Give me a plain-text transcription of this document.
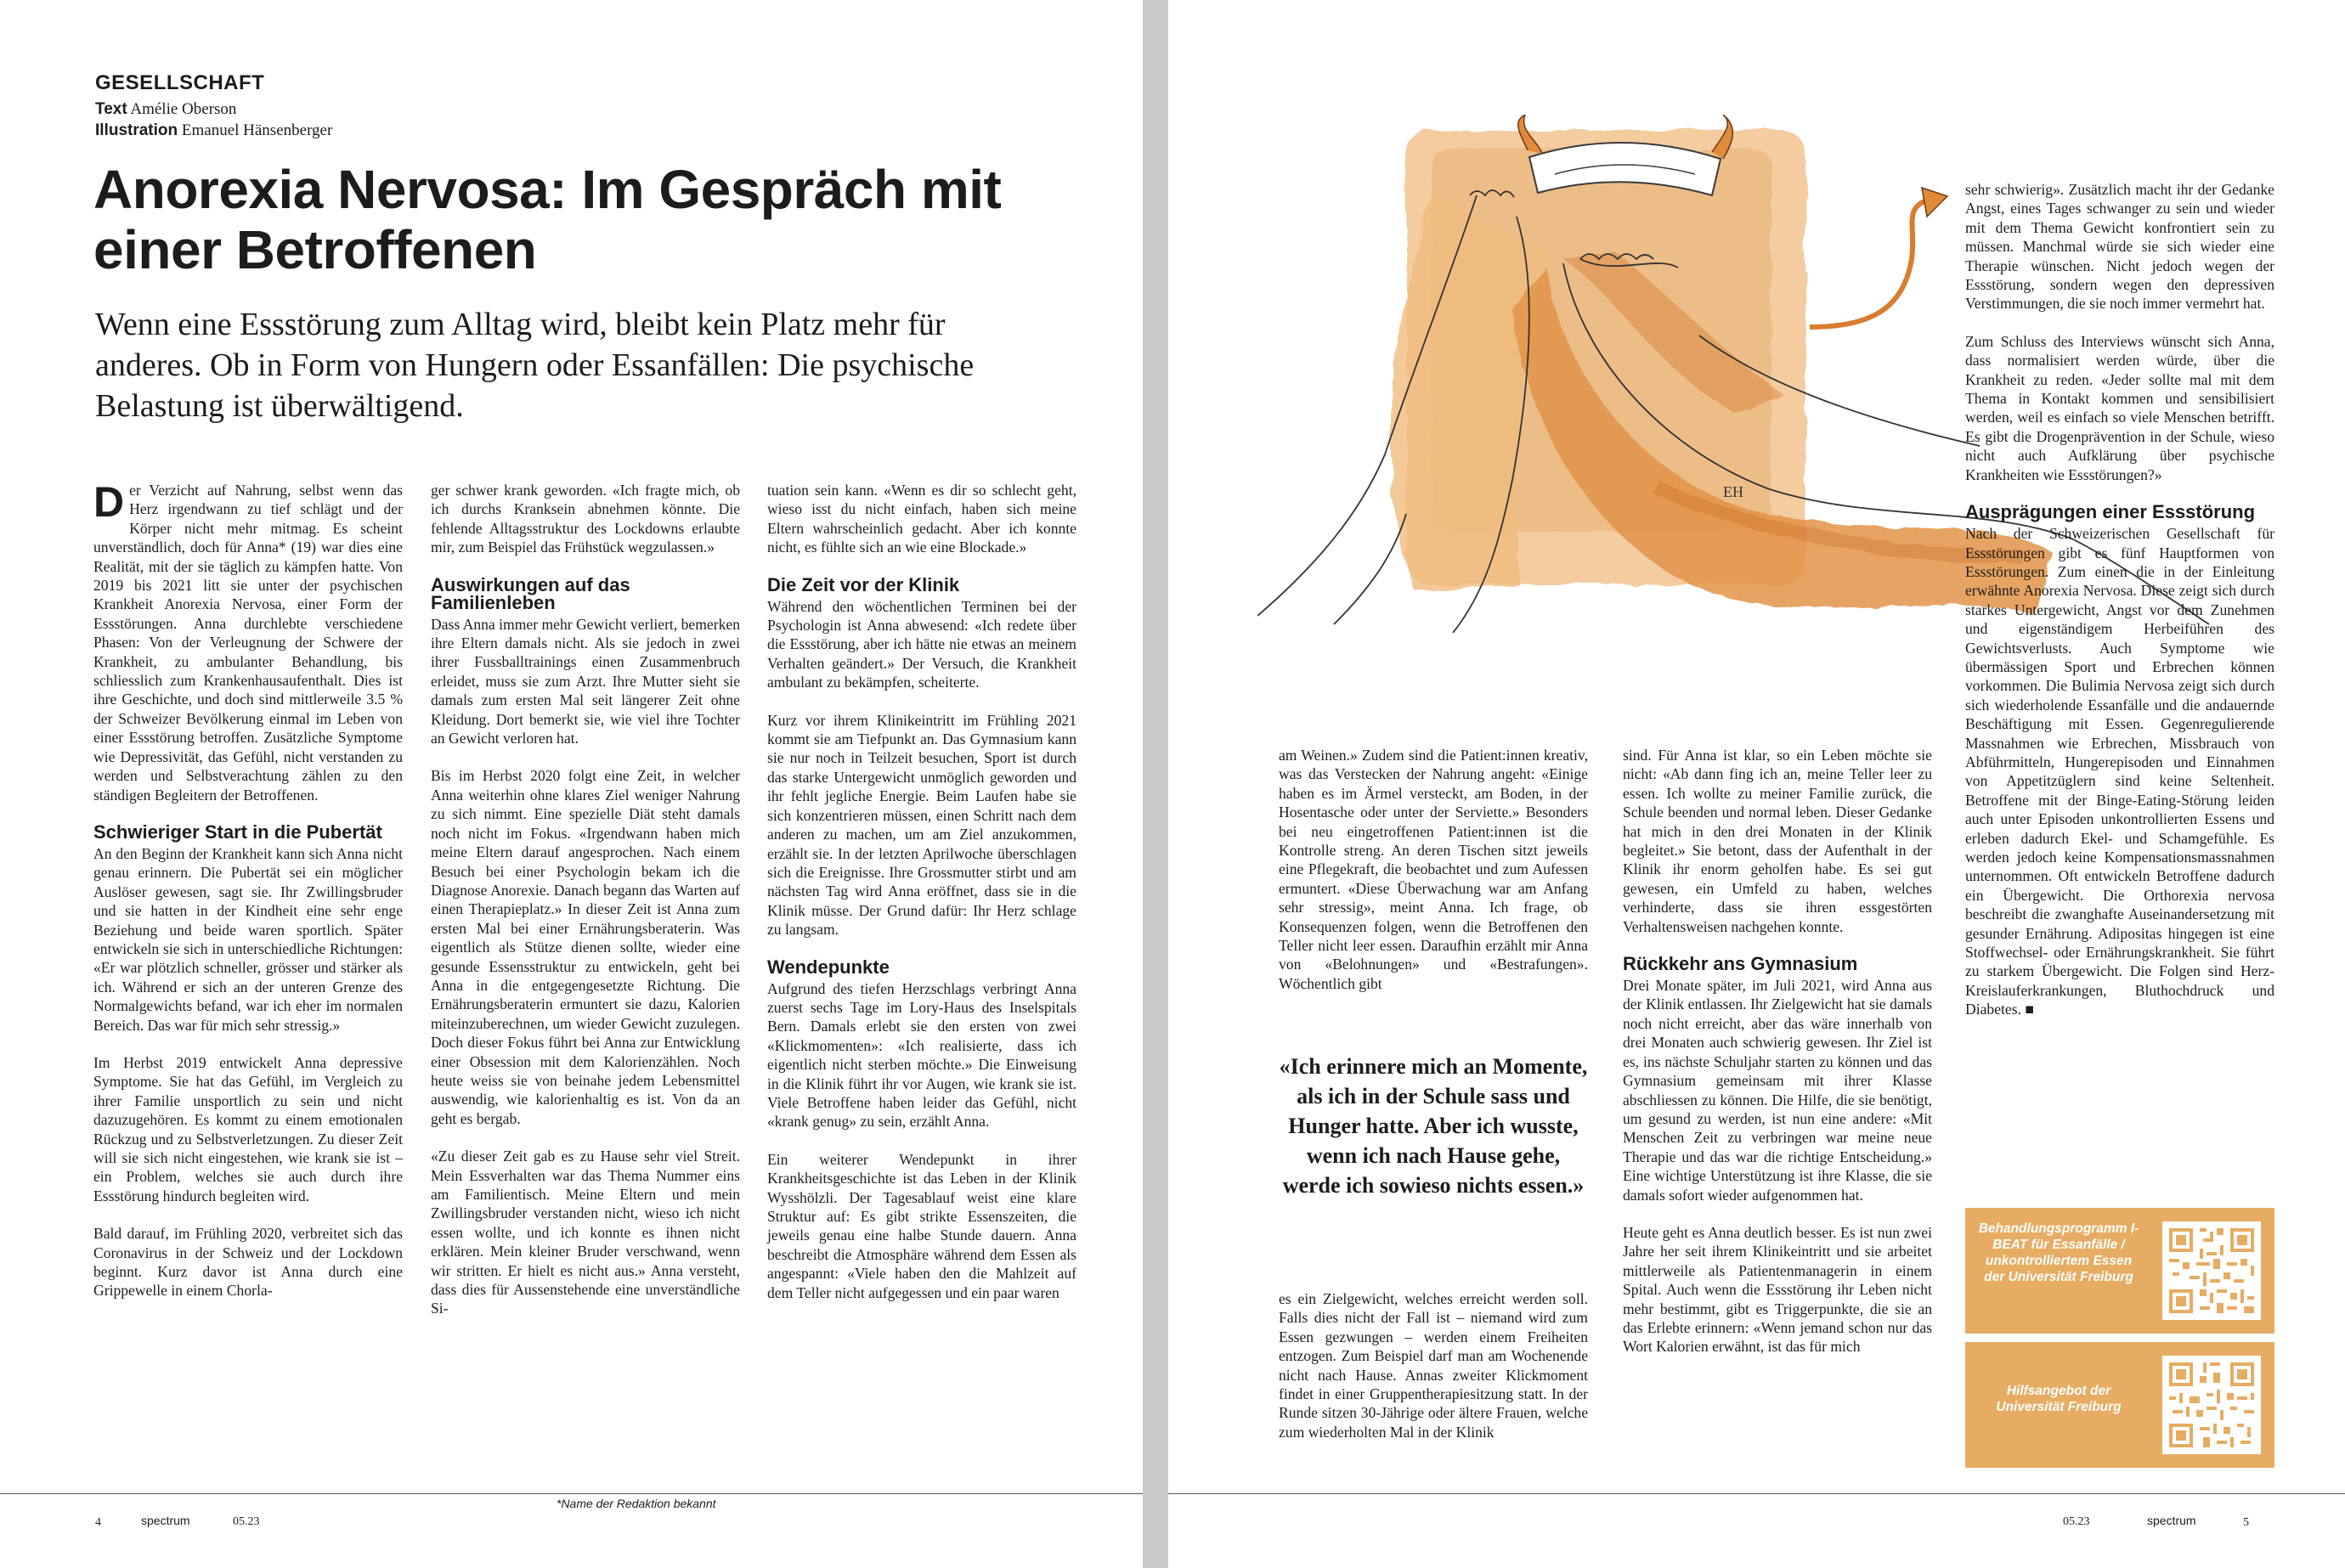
GESELLSCHAFT
Text Amélie Oberson
Illustration Emanuel Hänsenberger
Anorexia Nervosa: Im Gespräch mit
einer Betroffenen
Wenn eine Essstörung zum Alltag wird, bleibt kein Platz mehr für
anderes. Ob in Form von Hungern oder Essanfällen: Die psychische
Belastung ist überwältigend.

Der Verzicht auf Nahrung, selbst wenn das Herz irgendwann zu tief schlägt und der Körper nicht mehr mitmag. Es scheint unverständlich, doch für Anna* (19) war dies eine Realität, mit der sie täglich zu kämpfen hatte. Von 2019 bis 2021 litt sie unter der psychischen Krankheit Anorexia Nervosa, einer Form der Essstörungen. Anna durchlebte verschiedene Phasen: Von der Verleugnung der Schwere der Krankheit, zu ambulanter Behandlung, bis schliesslich zum Krankenhausaufenthalt. Dies ist ihre Geschichte, und doch sind mittlerweile 3.5 % der Schweizer Bevölkerung einmal im Leben von einer Essstörung betroffen. Zusätzliche Symptome wie Depressivität, das Gefühl, nicht verstanden zu werden und Selbstverachtung zählen zu den ständigen Begleitern der Betroffenen.

Schwieriger Start in die Pubertät

An den Beginn der Krankheit kann sich Anna nicht genau erinnern. Die Pubertät sei ein möglicher Auslöser gewesen, sagt sie. Ihr Zwillingsbruder und sie hatten in der Kindheit eine sehr enge Beziehung und beide waren sportlich. Später entwickeln sie sich in unterschiedliche Richtungen: «Er war plötzlich schneller, grösser und stärker als ich. Während er sich an der unteren Grenze des Normalgewichts befand, war ich eher im normalen Bereich. Das war für mich sehr stressig.»

Im Herbst 2019 entwickelt Anna depressive Symptome. Sie hat das Gefühl, im Vergleich zu ihrer Familie unsportlich zu sein und nicht dazuzugehören. Es kommt zu einem emotionalen Rückzug und zu Selbstverletzungen. Zu dieser Zeit will sie sich nicht eingestehen, wie krank sie ist – ein Problem, welches sie auch durch ihre Essstörung hindurch begleiten wird.

Bald darauf, im Frühling 2020, verbreitet sich das Coronavirus in der Schweiz und der Lockdown beginnt. Kurz davor ist Anna durch eine Grippewelle in einem Chorla-

ger schwer krank geworden. «Ich fragte mich, ob ich durchs Kranksein abnehmen könnte. Die fehlende Alltagsstruktur des Lockdowns erlaubte mir, zum Beispiel das Frühstück wegzulassen.»

Auswirkungen auf das Familienleben

Dass Anna immer mehr Gewicht verliert, bemerken ihre Eltern damals nicht. Als sie jedoch in zwei ihrer Fussballtrainings einen Zusammenbruch erleidet, muss sie zum Arzt. Ihre Mutter sieht sie damals zum ersten Mal seit längerer Zeit ohne Kleidung. Dort bemerkt sie, wie viel ihre Tochter an Gewicht verloren hat.

Bis im Herbst 2020 folgt eine Zeit, in welcher Anna weiterhin ohne klares Ziel weniger Nahrung zu sich nimmt. Eine spezielle Diät steht damals noch nicht im Fokus. «Irgendwann haben mich meine Eltern darauf angesprochen. Nach einem Besuch bei einer Psychologin bekam ich die Diagnose Anorexie. Danach begann das Warten auf einen Therapieplatz.» In dieser Zeit ist Anna zum ersten Mal bei einer Ernährungsberaterin. Was eigentlich als Stütze dienen sollte, wieder eine gesunde Essensstruktur zu entwickeln, geht bei Anna in die entgegengesetzte Richtung. Die Ernährungsberaterin ermuntert sie dazu, Kalorien miteinzuberechnen, um wieder Gewicht zuzulegen. Doch dieser Fokus führt bei Anna zur Entwicklung einer Obsession mit dem Kalorienzählen. Noch heute weiss sie von beinahe jedem Lebensmittel auswendig, wie kalorienhaltig es ist. Von da an geht es bergab.

«Zu dieser Zeit gab es zu Hause sehr viel Streit. Mein Essverhalten war das Thema Nummer eins am Familientisch. Meine Eltern und mein Zwillingsbruder verstanden nicht, wieso ich nicht essen wollte, und ich konnte es ihnen nicht erklären. Mein kleiner Bruder verschwand, wenn wir stritten. Er hielt es nicht aus.» Anna versteht, dass dies für Aussenstehende eine unverständliche Si-

tuation sein kann. «Wenn es dir so schlecht geht, wieso isst du nicht einfach, haben sich meine Eltern wahrscheinlich gedacht. Aber ich konnte nicht, es fühlte sich an wie eine Blockade.»

Die Zeit vor der Klinik

Während den wöchentlichen Terminen bei der Psychologin ist Anna abwesend: «Ich redete über die Essstörung, aber ich hätte nie etwas an meinem Verhalten geändert.» Der Versuch, die Krankheit ambulant zu bekämpfen, scheiterte.

Kurz vor ihrem Klinikeintritt im Frühling 2021 kommt sie am Tiefpunkt an. Das Gymnasium kann sie nur noch in Teilzeit besuchen, Sport ist durch das starke Untergewicht unmöglich geworden und ihr fehlt jegliche Energie. Beim Laufen habe sie sich konzentrieren müssen, einen Schritt nach dem anderen zu machen, um am Ziel anzukommen, erzählt sie. In der letzten Aprilwoche überschlagen sich die Ereignisse. Ihre Grossmutter stirbt und am nächsten Tag wird Anna eröffnet, dass sie in die Klinik müsse. Der Grund dafür: Ihr Herz schlage zu langsam.

Wendepunkte

Aufgrund des tiefen Herzschlags verbringt Anna zuerst sechs Tage im Lory-Haus des Inselspitals Bern. Damals erlebt sie den ersten von zwei «Klickmomenten»: «Ich realisierte, dass ich eigentlich nicht sterben möchte.» Die Einweisung in die Klinik führt ihr vor Augen, wie krank sie ist. Viele Betroffene haben leider das Gefühl, nicht «krank genug» zu sein, erzählt Anna.

Ein weiterer Wendepunkt in ihrer Krankheitsgeschichte ist das Leben in der Klinik Wysshölzli. Der Tagesablauf weist eine klare Struktur auf: Es gibt strikte Essenszeiten, die jeweils genau eine halbe Stunde dauern. Anna beschreibt die Atmosphäre während dem Essen als angespannt: «Viele haben den die Mahlzeit auf dem Teller nicht aufgegessen und ein paar waren

*Name der Redaktion bekannt
4	spectrum	05.23
EH

am Weinen.» Zudem sind die Patient:innen kreativ, was das Verstecken der Nahrung angeht: «Einige haben es im Ärmel versteckt, am Boden, in der Hosentasche oder unter der Serviette.» Besonders bei neu eingetroffenen Patient:innen ist die Kontrolle streng. An deren Tischen sitzt jeweils eine Pflegekraft, die beobachtet und zum Aufessen ermuntert. «Diese Überwachung war am Anfang sehr stressig», meint Anna. Ich frage, ob Konsequenzen folgen, wenn die Betroffenen den Teller nicht leer essen. Daraufhin erzählt mir Anna von «Belohnungen» und «Bestrafungen». Wöchentlich gibt

«Ich erinnere mich an Momente, als ich in der Schule sass und Hunger hatte. Aber ich wusste, wenn ich nach Hause gehe, werde ich sowieso nichts essen.»

es ein Zielgewicht, welches erreicht werden soll. Falls dies nicht der Fall ist – niemand wird zum Essen gezwungen – werden einem Freiheiten entzogen. Zum Beispiel darf man am Wochenende nicht nach Hause. Annas zweiter Klickmoment findet in einer Gruppentherapiesitzung statt. In der Runde sitzen 30-Jährige oder ältere Frauen, welche zum wiederholten Mal in der Klinik

sind. Für Anna ist klar, so ein Leben möchte sie nicht: «Ab dann fing ich an, meine Teller leer zu essen. Ich wollte zu meiner Familie zurück, die Schule beenden und normal leben. Dieser Gedanke hat mich in den drei Monaten in der Klinik begleitet.» Sie betont, dass der Aufenthalt in der Klinik ihr enorm geholfen habe. Es sei gut gewesen, ein Umfeld zu haben, welches verhinderte, dass sie ihren essgestörten Verhaltensweisen nachgehen konnte.

Rückkehr ans Gymnasium

Drei Monate später, im Juli 2021, wird Anna aus der Klinik entlassen. Ihr Zielgewicht hat sie damals noch nicht erreicht, aber das wäre innerhalb von drei Monaten auch schwierig gewesen. Ihr Ziel ist es, ins nächste Schuljahr starten zu können und das Gymnasium gemeinsam mit ihrer Klasse abschliessen zu können. Die Hilfe, die sie benötigt, um gesund zu werden, ist nun eine andere: «Mit Menschen Zeit zu verbringen war meine neue Therapie und das war die richtige Entscheidung.» Eine wichtige Unterstützung ist ihre Klasse, die sie damals sofort wieder aufgenommen hat.

Heute geht es Anna deutlich besser. Es ist nun zwei Jahre her seit ihrem Klinikeintritt und sie arbeitet mittlerweile als Patientenmanagerin in einem Spital. Auch wenn die Essstörung ihr Leben nicht mehr bestimmt, gibt es Triggerpunkte, die sie an das Erlebte erinnern: «Wenn jemand schon nur das Wort Kalorien erwähnt, ist das für mich

sehr schwierig». Zusätzlich macht ihr der Gedanke Angst, eines Tages schwanger zu sein und wieder mit dem Thema Gewicht konfrontiert sein zu müssen. Manchmal würde sie sich wieder eine Therapie wünschen. Nicht jedoch wegen der Essstörung, sondern wegen den depressiven Verstimmungen, die sie noch immer vermehrt hat.

Zum Schluss des Interviews wünscht sich Anna, dass normalisiert werden würde, über die Krankheit zu reden. «Jeder sollte mal mit dem Thema in Kontakt kommen und sensibilisiert werden, weil es einfach so viele Menschen betrifft. Es gibt die Drogenprävention in der Schule, wieso nicht auch Aufklärung über psychische Krankheiten wie Essstörungen?»

Ausprägungen einer Essstörung

Nach der Schweizerischen Gesellschaft für Essstörungen gibt es fünf Hauptformen von Essstörungen. Zum einen die in der Einleitung erwähnte Anorexia Nervosa. Diese zeigt sich durch starkes Untergewicht, Angst vor dem Zunehmen und eigenständigem Herbeiführen des Gewichtsverlusts. Auch Symptome wie übermässigen Sport und Erbrechen können vorkommen. Die Bulimia Nervosa zeigt sich durch sich wiederholende Essanfälle und die andauernde Beschäftigung mit Essen. Gegenregulierende Massnahmen wie Erbrechen, Missbrauch von Abführmitteln, Hungerepisoden und Einnahmen von Appetitzüglern sind keine Seltenheit. Betroffene mit der Binge-Eating-Störung leiden auch unter Episoden unkontrollierten Essens und erleben dadurch Ekel- und Schamgefühle. Es werden jedoch keine Kompensationsmassnahmen unternommen. Oft entwickeln Betroffene dadurch ein Übergewicht. Die Orthorexia nervosa beschreibt die zwanghafte Auseinandersetzung mit gesunder Ernährung. Adipositas hingegen ist eine Stoffwechsel- oder Ernährungskrankheit. Sie führt zu starkem Übergewicht. Die Folgen sind Herz-Kreislauferkrankungen, Bluthochdruck und Diabetes. ■

Behandlungsprogramm I-BEAT für Essanfälle / unkontrolliertem Essen der Universität Freiburg
Hilfsangebot der Universität Freiburg
05.23	spectrum	5
